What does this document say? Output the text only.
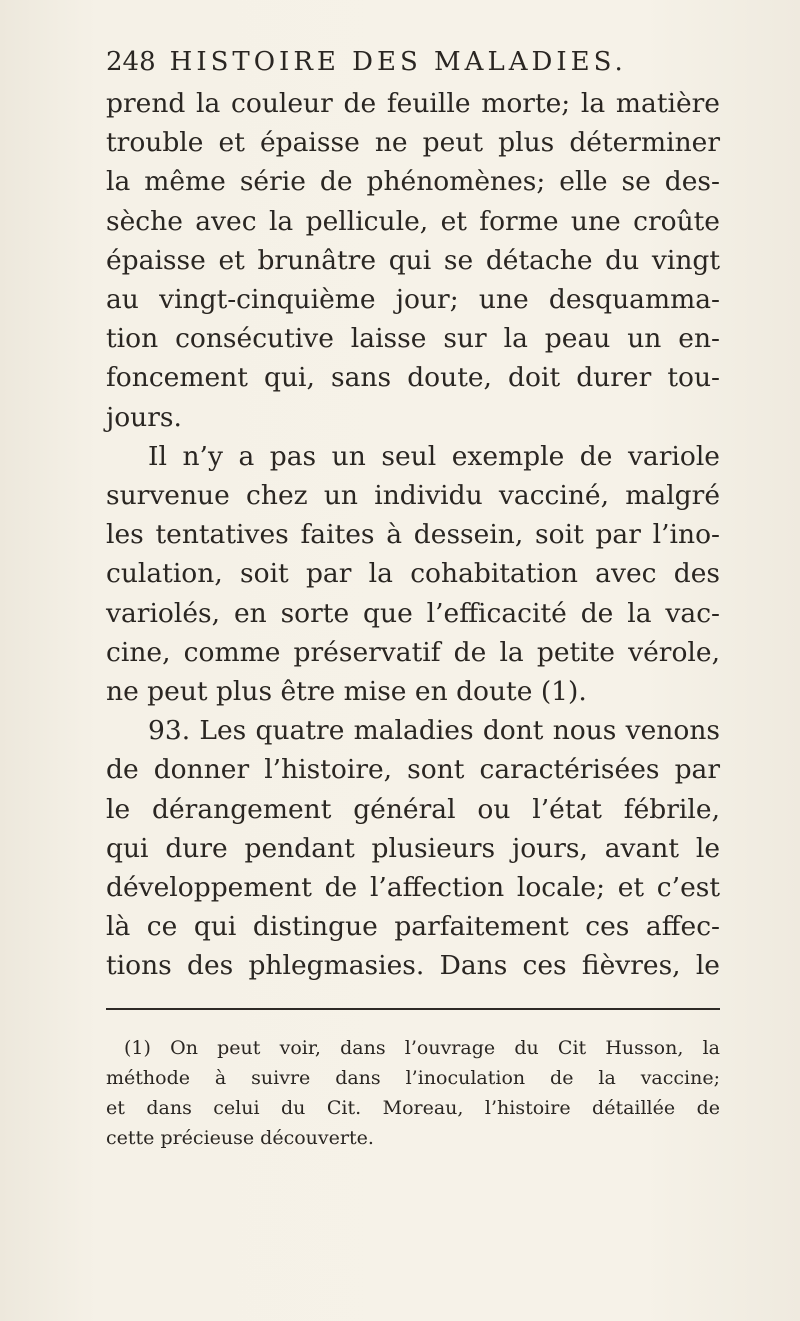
248 HISTOIRE DES MALADIES.
prend la couleur de feuille morte; la matière
trouble et épaisse ne peut plus déterminer
la même série de phénomènes; elle se des-
sèche avec la pellicule, et forme une croûte
épaisse et brunâtre qui se détache du vingt
au vingt-cinquième jour; une desquamma-
tion consécutive laisse sur la peau un en-
foncement qui, sans doute, doit durer tou-
jours.
Il n’y a pas un seul exemple de variole
survenue chez un individu vacciné, malgré
les tentatives faites à dessein, soit par l’ino-
culation, soit par la cohabitation avec des
variolés, en sorte que l’efficacité de la vac-
cine, comme préservatif de la petite vérole,
ne peut plus être mise en doute (1).
93. Les quatre maladies dont nous venons
de donner l’histoire, sont caractérisées par
le dérangement général ou l’état fébrile,
qui dure pendant plusieurs jours, avant le
développement de l’affection locale; et c’est
là ce qui distingue parfaitement ces affec-
tions des phlegmasies. Dans ces fièvres, le
(1) On peut voir, dans l’ouvrage du Cit Husson, la
méthode à suivre dans l’inoculation de la vaccine;
et dans celui du Cit. Moreau, l’histoire détaillée de
cette précieuse découverte.
